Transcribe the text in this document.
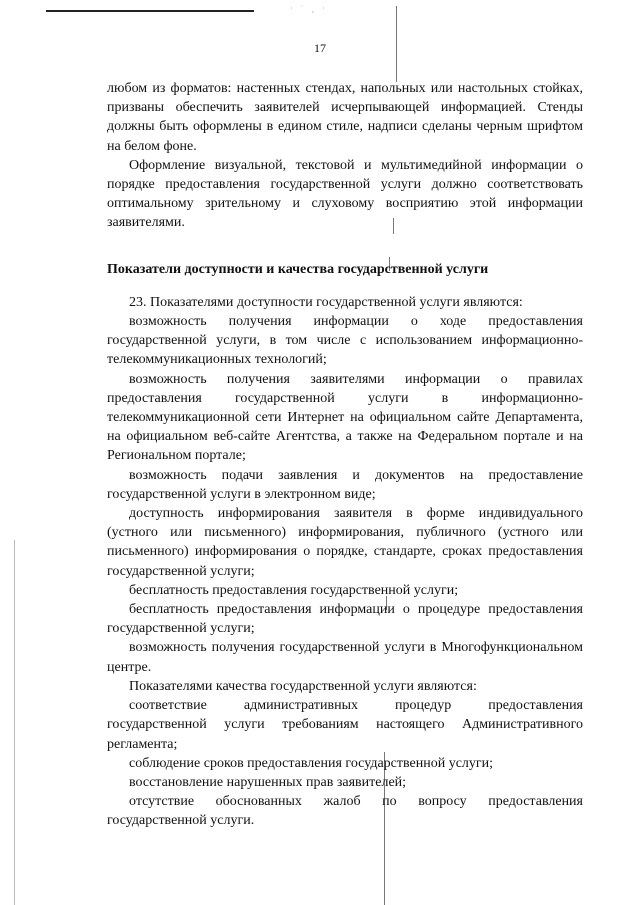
· ˙ ¸ ·
17

любом из форматов: настенных стендах, напольных или настольных стойках, призваны обеспечить заявителей исчерпывающей информацией. Стенды должны быть оформлены в едином стиле, надписи сделаны черным шрифтом на белом фоне.

Оформление визуальной, текстовой и мультимедийной информации о порядке предоставления государственной услуги должно соответствовать оптимальному зрительному и слуховому восприятию этой информации заявителями.

Показатели доступности и качества государственной услуги

23. Показателями доступности государственной услуги являются:

возможность получения информации о ходе предоставления государственной услуги, в том числе с использованием информационно-телекоммуникационных технологий;

возможность получения заявителями информации о правилах предоставления государственной услуги в информационно-телекоммуникационной сети Интернет на официальном сайте Департамента, на официальном веб-сайте Агентства, а также на Федеральном портале и на Региональном портале;

возможность подачи заявления и документов на предоставление государственной услуги в электронном виде;

доступность информирования заявителя в форме индивидуального (устного или письменного) информирования, публичного (устного или письменного) информирования о порядке, стандарте, сроках предоставления государственной услуги;

бесплатность предоставления государственной услуги;

бесплатность предоставления информации о процедуре предоставления государственной услуги;

возможность получения государственной услуги в Многофункциональном центре.

Показателями качества государственной услуги являются:

соответствие административных процедур предоставления государственной услуги требованиям настоящего Административного регламента;

соблюдение сроков предоставления государственной услуги;

восстановление нарушенных прав заявителей;

отсутствие обоснованных жалоб по вопросу предоставления государственной услуги.
